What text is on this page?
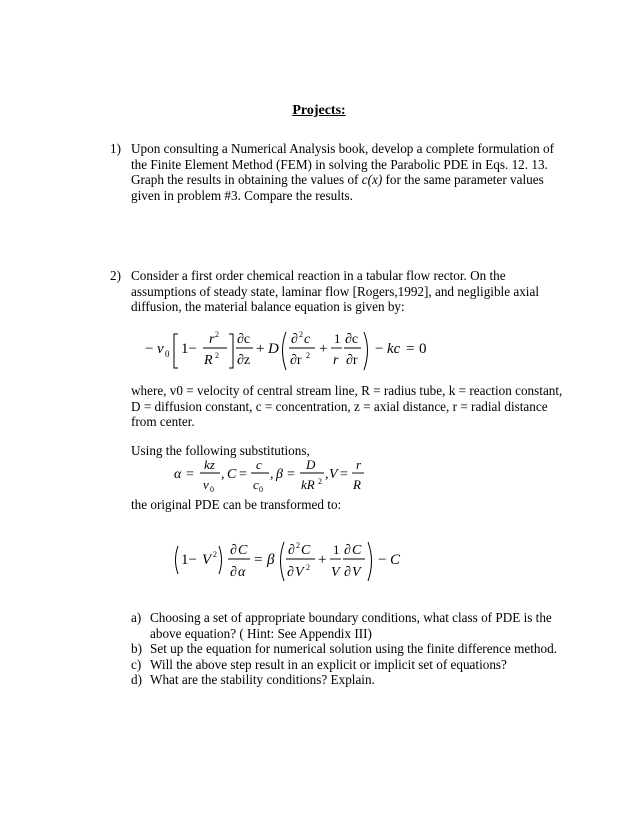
Projects:
1) Upon consulting a Numerical Analysis book, develop a complete formulation of
the Finite Element Method (FEM) in solving the Parabolic PDE in Eqs. 12. 13.
Graph the results in obtaining the values of c(x) for the same parameter values
given in problem #3. Compare the results.
2) Consider a first order chemical reaction in a tabular flow rector. On the
assumptions of steady state, laminar flow [Rogers,1992], and negligible axial
diffusion, the material balance equation is given by:
− ν 0 1−
r 2
R 2
∂c
∂z
+ D
∂ 2 c
∂r 2 +
1
r
∂c
∂r
− kc = 0
where, v0 = velocity of central stream line, R = radius tube, k = reaction constant,
D = diffusion constant, c = concentration, z = axial distance, r = radial distance
from center.
Using the following substitutions,
α =
kz
ν 0
, C =
c
c 0
, β =
D
kR 2 , V =
r
R
the original PDE can be transformed to:
1− V 2 ∂ C
∂ α
= β
∂ 2 C
∂ V 2 +
1
V
∂ C
∂ V
− C
a) Choosing a set of appropriate boundary conditions, what class of PDE is the
above equation? ( Hint: See Appendix III)
b) Set up the equation for numerical solution using the finite difference method.
c) Will the above step result in an explicit or implicit set of equations?
d) What are the stability conditions? Explain.
